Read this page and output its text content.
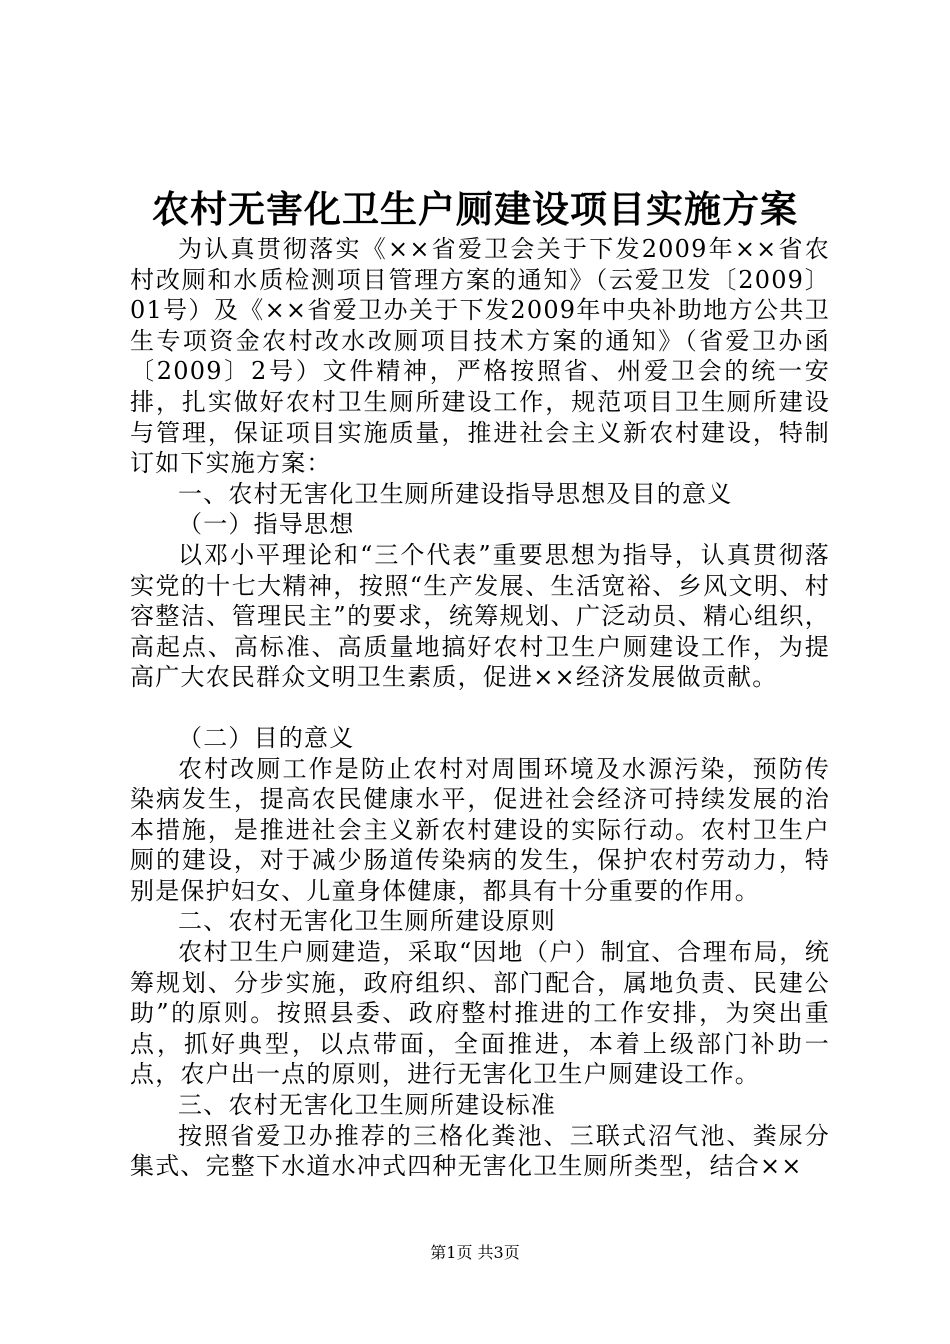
农村无害化卫生户厕建设项目实施方案

为认真贯彻落实《××省爱卫会关于下发2009年××省农村改厕和水质检测项目管理方案的通知》（云爱卫发〔2009〕01号）及《××省爱卫办关于下发2009年中央补助地方公共卫生专项资金农村改水改厕项目技术方案的通知》（省爱卫办函〔2009〕2号）文件精神，严格按照省、州爱卫会的统一安排，扎实做好农村卫生厕所建设工作，规范项目卫生厕所建设与管理，保证项目实施质量，推进社会主义新农村建设，特制订如下实施方案：

一、农村无害化卫生厕所建设指导思想及目的意义

（一）指导思想

以邓小平理论和“三个代表”重要思想为指导，认真贯彻落实党的十七大精神，按照“生产发展、生活宽裕、乡风文明、村容整洁、管理民主”的要求，统筹规划、广泛动员、精心组织，高起点、高标准、高质量地搞好农村卫生户厕建设工作，为提高广大农民群众文明卫生素质，促进××经济发展做贡献。

（二）目的意义

农村改厕工作是防止农村对周围环境及水源污染，预防传染病发生，提高农民健康水平，促进社会经济可持续发展的治本措施，是推进社会主义新农村建设的实际行动。农村卫生户厕的建设，对于减少肠道传染病的发生，保护农村劳动力，特别是保护妇女、儿童身体健康，都具有十分重要的作用。

二、农村无害化卫生厕所建设原则

农村卫生户厕建造，采取“因地（户）制宜、合理布局，统筹规划、分步实施，政府组织、部门配合，属地负责、民建公助”的原则。按照县委、政府整村推进的工作安排，为突出重点，抓好典型，以点带面，全面推进，本着上级部门补助一点，农户出一点的原则，进行无害化卫生户厕建设工作。

三、农村无害化卫生厕所建设标准

按照省爱卫办推荐的三格化粪池、三联式沼气池、粪尿分集式、完整下水道水冲式四种无害化卫生厕所类型，结合××

第1页 共3页
